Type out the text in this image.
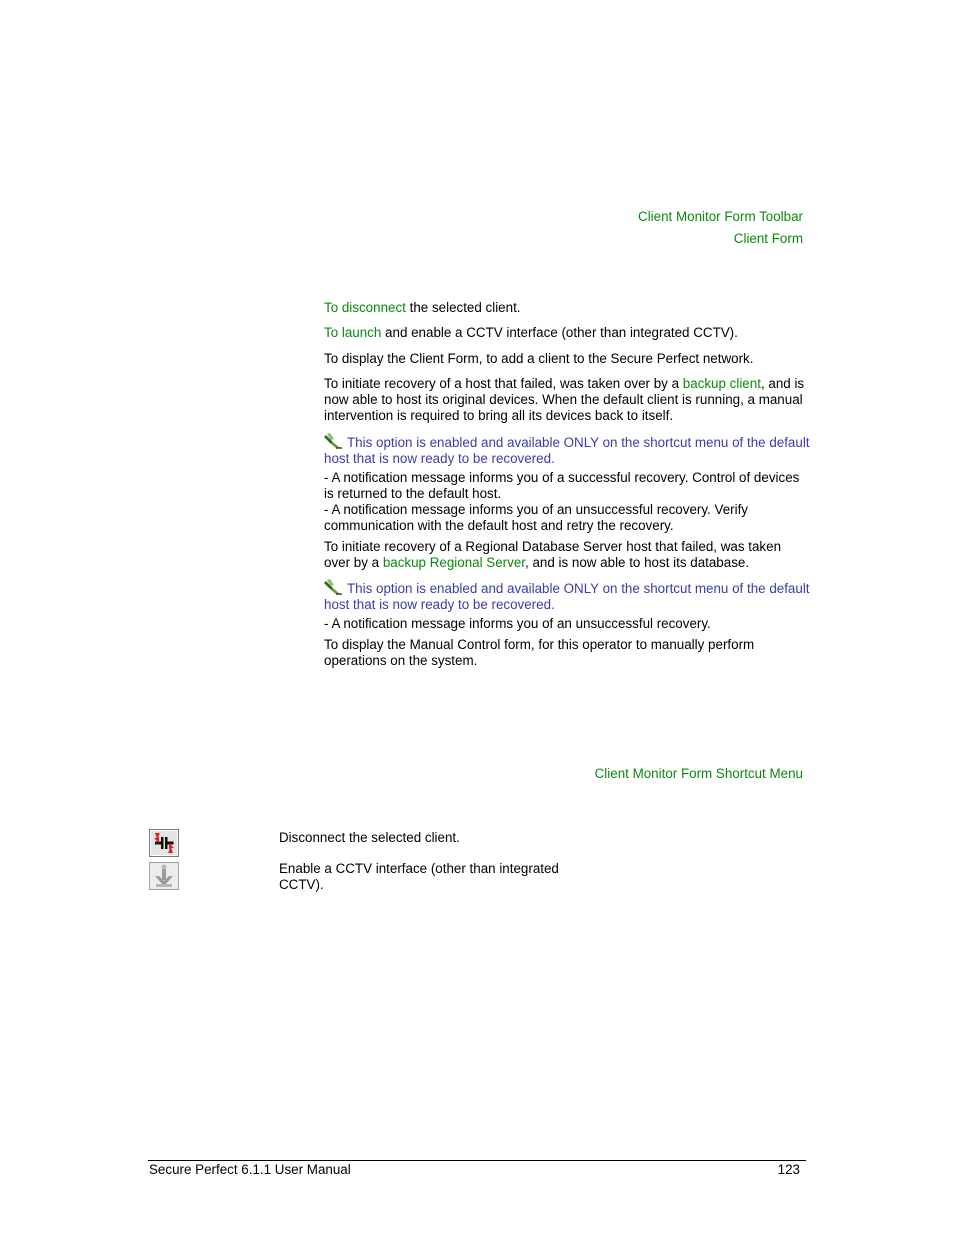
Client Monitor Form Toolbar
Client Form
To disconnect the selected client.
To launch and enable a CCTV interface (other than integrated CCTV).
To display the Client Form, to add a client to the Secure Perfect network.
To initiate recovery of a host that failed, was taken over by a backup client, and is now able to host its original devices. When the default client is running, a manual intervention is required to bring all its devices back to itself.
This option is enabled and available ONLY on the shortcut menu of the default host that is now ready to be recovered.
- A notification message informs you of a successful recovery. Control of devices is returned to the default host.
- A notification message informs you of an unsuccessful recovery. Verify communication with the default host and retry the recovery.
To initiate recovery of a Regional Database Server host that failed, was taken over by a backup Regional Server, and is now able to host its database.
This option is enabled and available ONLY on the shortcut menu of the default host that is now ready to be recovered.
- A notification message informs you of an unsuccessful recovery.
To display the Manual Control form, for this operator to manually perform operations on the system.
Client Monitor Form Shortcut Menu
Disconnect the selected client.
Enable a CCTV interface (other than integrated CCTV).
Secure Perfect 6.1.1 User Manual	123
